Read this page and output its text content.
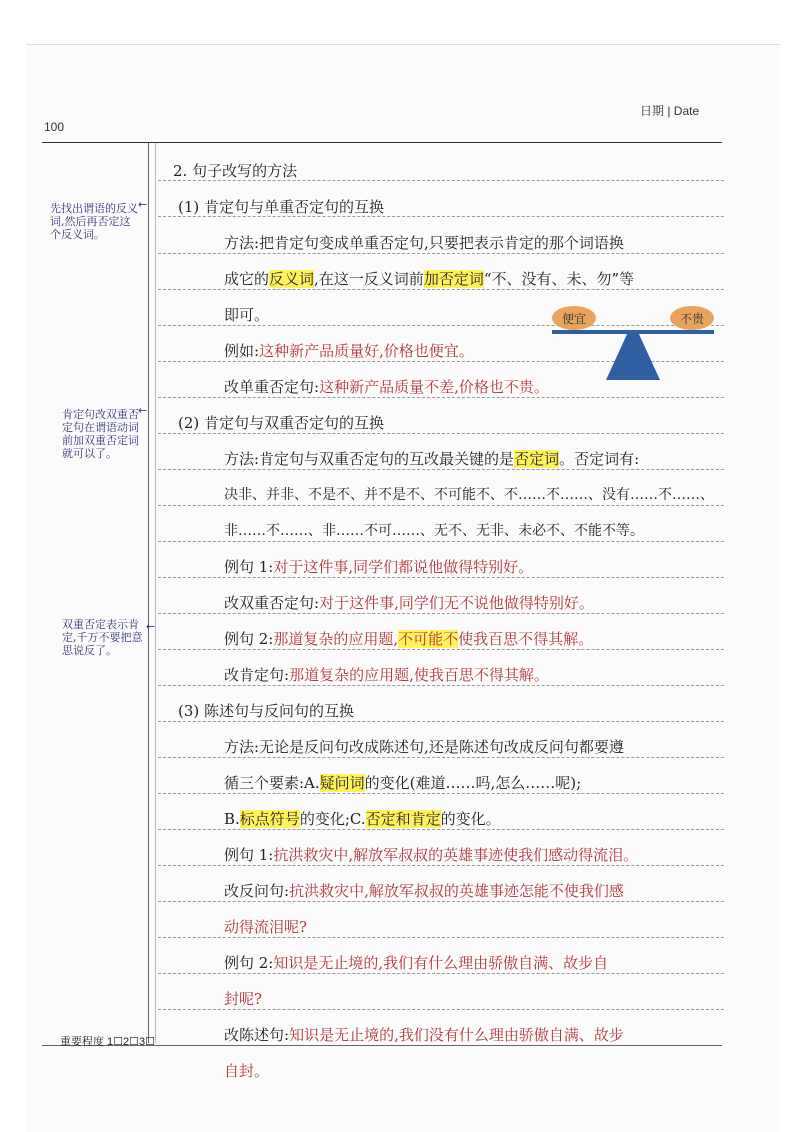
100
日期 | Date
重要程度 1☐2☐3☐
先找出谓语的反义词,然后再否定这个反义词。
←
肯定句改双重否定句在谓语动词前加双重否定词就可以了。
←
双重否定表示肯定,千万不要把意思说反了。
←
2. 句子改写的方法
(1) 肯定句与单重否定句的互换
方法:把肯定句变成单重否定句,只要把表示肯定的那个词语换
成它的反义词,在这一反义词前加否定词“不、没有、未、勿”等
即可。
例如:这种新产品质量好,价格也便宜。
改单重否定句:这种新产品质量不差,价格也不贵。
(2) 肯定句与双重否定句的互换
方法:肯定句与双重否定句的互改最关键的是否定词。否定词有:
决非、并非、不是不、并不是不、不可能不、不……不……、没有……不……、
非……不……、非……不可……、无不、无非、未必不、不能不等。
例句 1:对于这件事,同学们都说他做得特别好。
改双重否定句:对于这件事,同学们无不说他做得特别好。
例句 2:那道复杂的应用题,不可能不使我百思不得其解。
改肯定句:那道复杂的应用题,使我百思不得其解。
(3) 陈述句与反问句的互换
方法:无论是反问句改成陈述句,还是陈述句改成反问句都要遵
循三个要素:A.疑问词的变化(难道……吗,怎么……呢);
B.标点符号的变化;C.否定和肯定的变化。
例句 1:抗洪救灾中,解放军叔叔的英雄事迹使我们感动得流泪。
改反问句:抗洪救灾中,解放军叔叔的英雄事迹怎能不使我们感
动得流泪呢?
例句 2:知识是无止境的,我们有什么理由骄傲自满、故步自
封呢?
改陈述句:知识是无止境的,我们没有什么理由骄傲自满、故步
自封。
便宜	不贵
